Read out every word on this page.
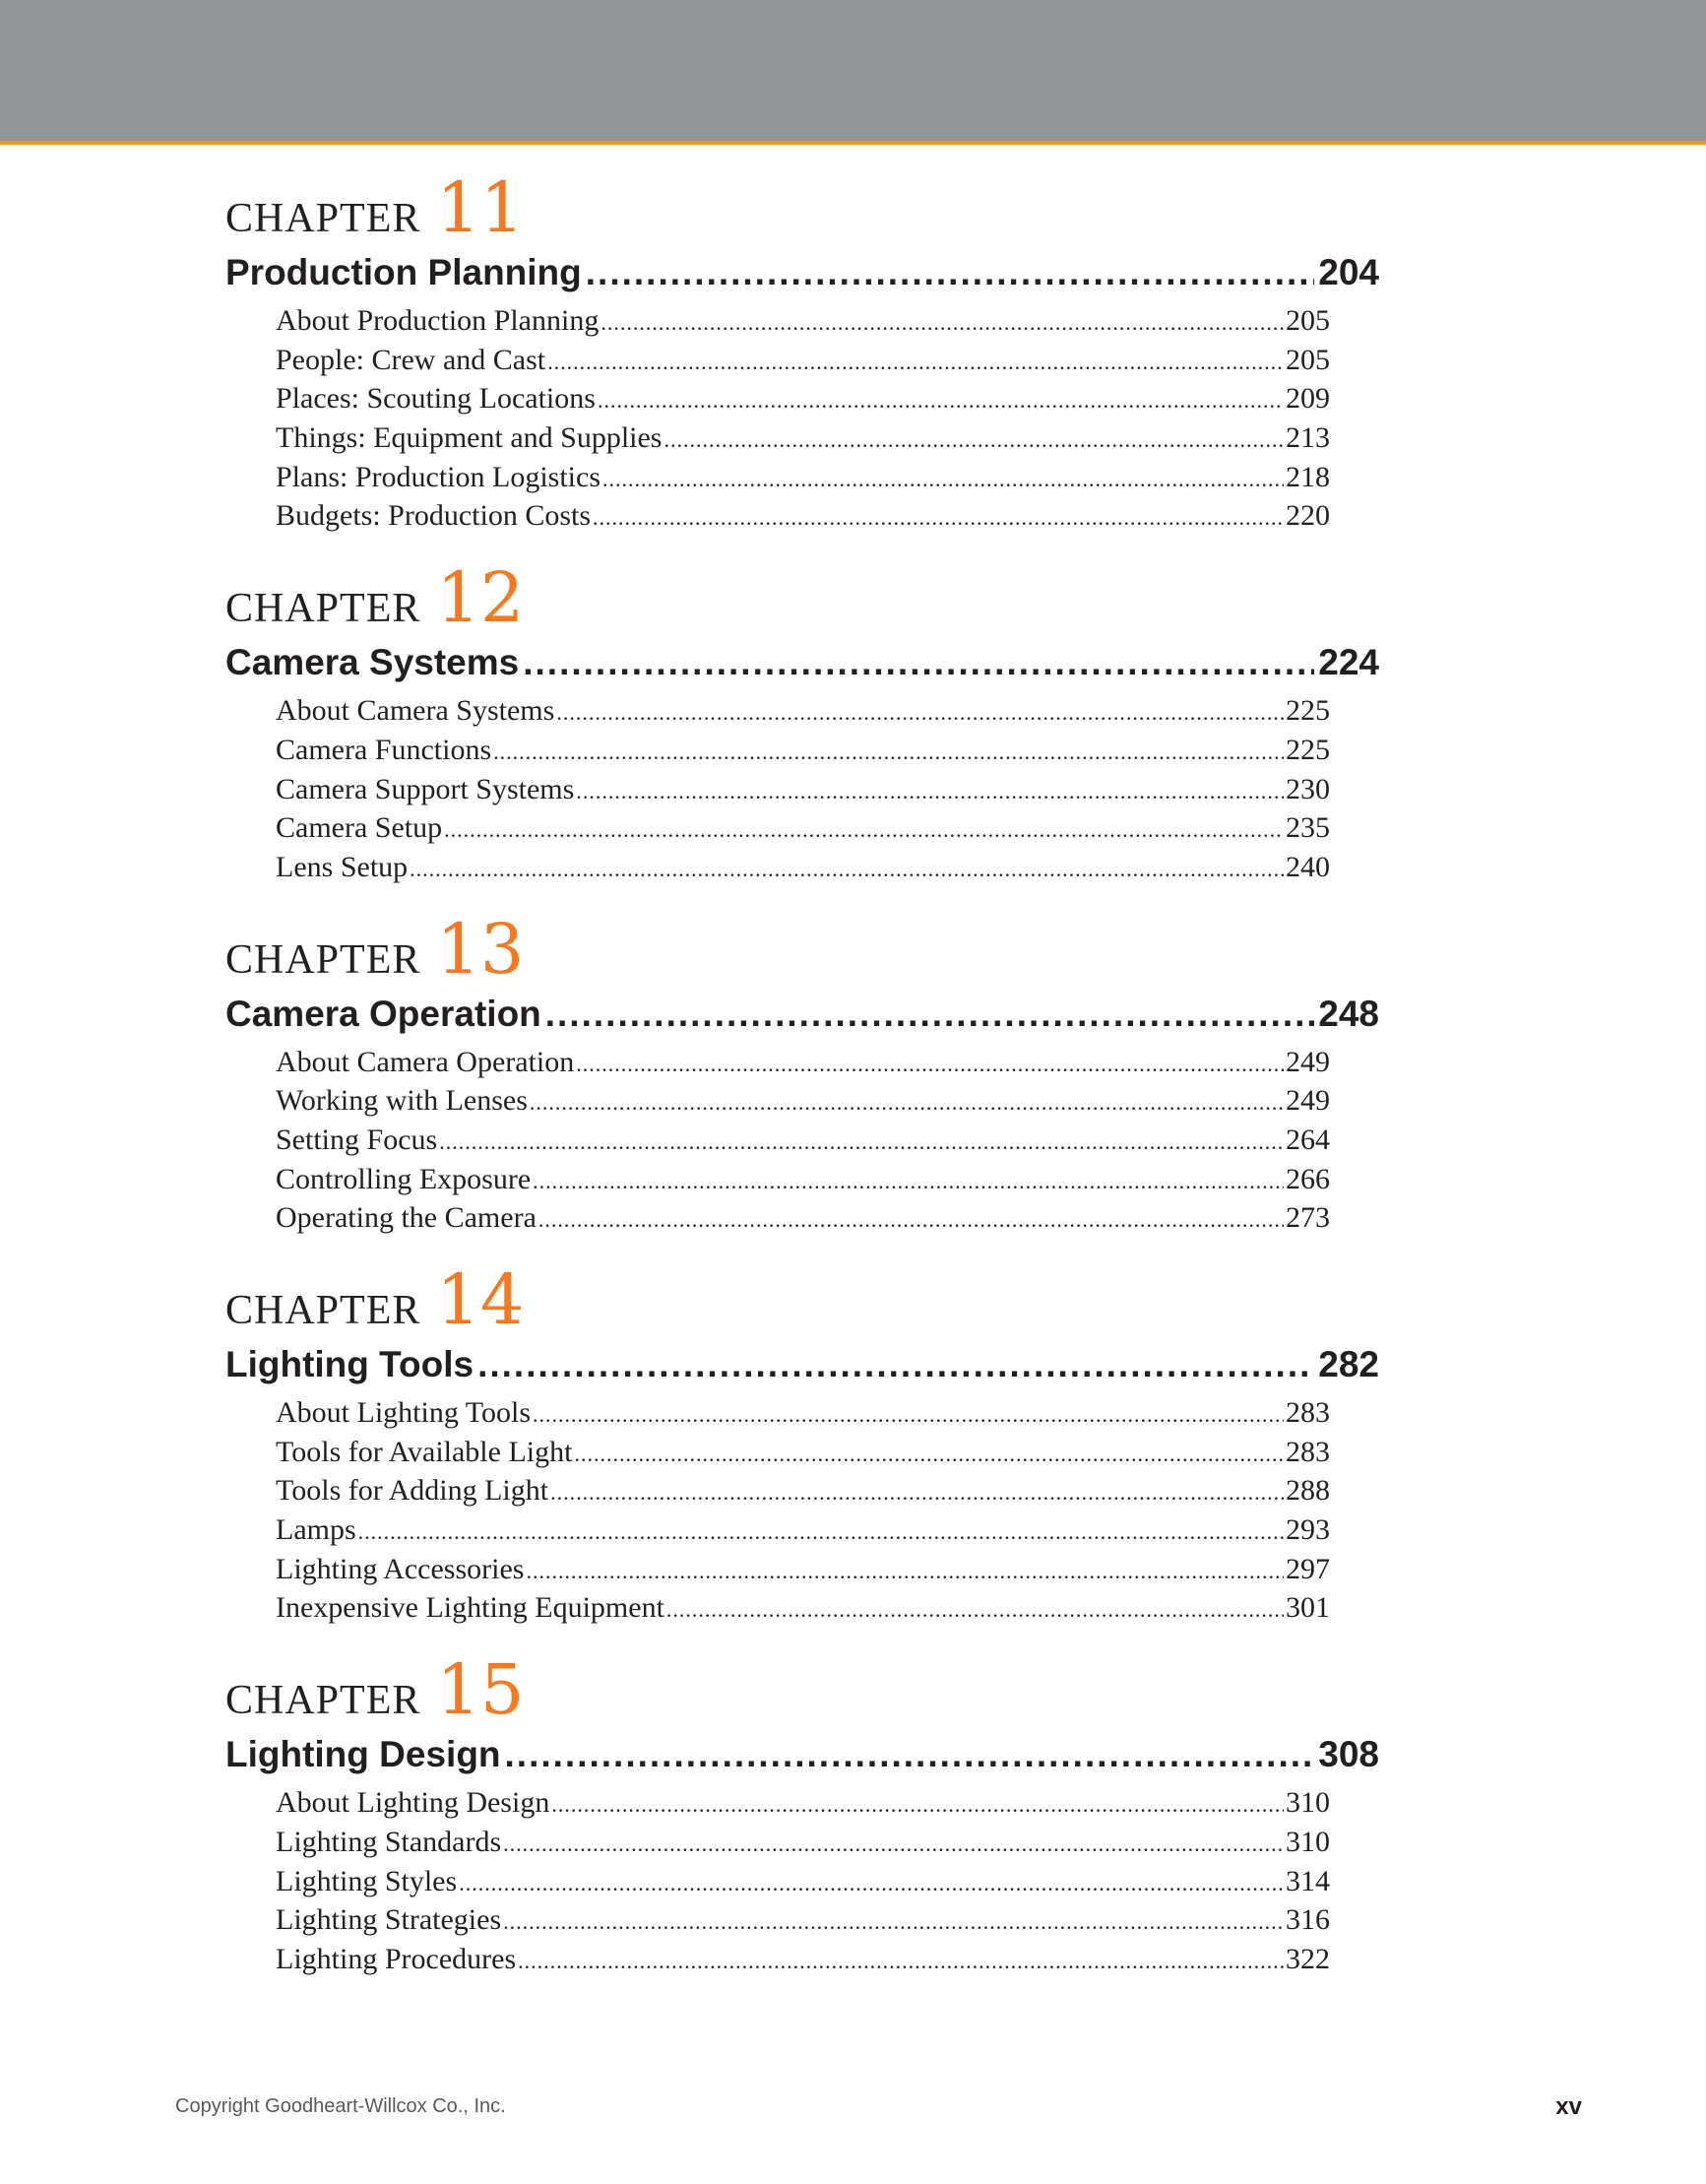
CHAPTER 11
Production Planning .....	204
About Production Planning .....	205
People: Crew and Cast .....	205
Places: Scouting Locations .....	209
Things: Equipment and Supplies .....	213
Plans: Production Logistics .....	218
Budgets: Production Costs .....	220
CHAPTER 12
Camera Systems .....	224
About Camera Systems .....	225
Camera Functions .....	225
Camera Support Systems .....	230
Camera Setup .....	235
Lens Setup .....	240
CHAPTER 13
Camera Operation .....	248
About Camera Operation .....	249
Working with Lenses .....	249
Setting Focus .....	264
Controlling Exposure .....	266
Operating the Camera .....	273
CHAPTER 14
Lighting Tools .....	282
About Lighting Tools .....	283
Tools for Available Light .....	283
Tools for Adding Light .....	288
Lamps .....	293
Lighting Accessories .....	297
Inexpensive Lighting Equipment .....	301
CHAPTER 15
Lighting Design .....	308
About Lighting Design .....	310
Lighting Standards .....	310
Lighting Styles .....	314
Lighting Strategies .....	316
Lighting Procedures .....	322
Copyright Goodheart-Willcox Co., Inc.	xv
